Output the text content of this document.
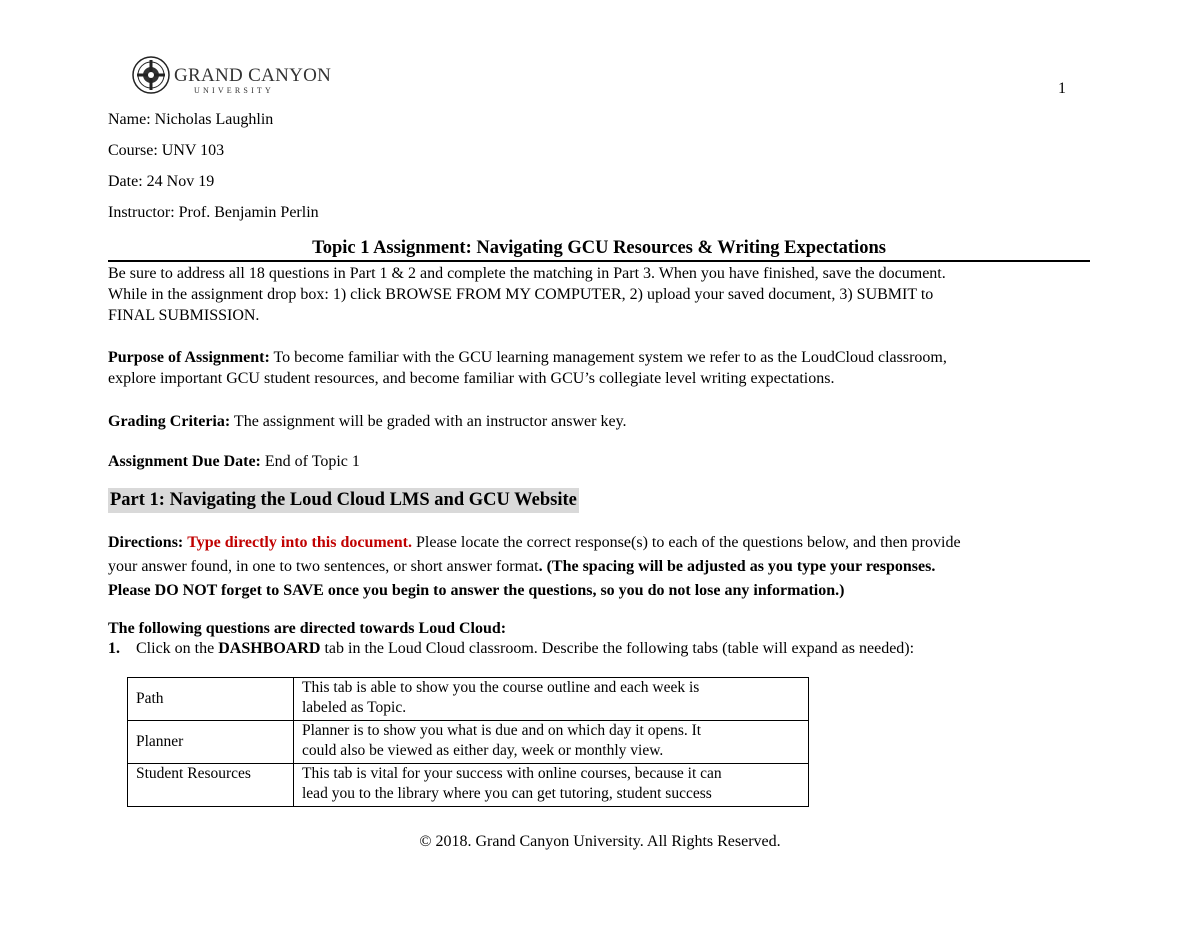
GRAND CANYON
UNIVERSITY	1
Name: Nicholas Laughlin
Course: UNV 103
Date: 24 Nov 19
Instructor: Prof. Benjamin Perlin
Topic 1 Assignment: Navigating GCU Resources & Writing Expectations
Be sure to address all 18 questions in Part 1 & 2 and complete the matching in Part 3. When you have finished, save the document.
While in the assignment drop box: 1) click BROWSE FROM MY COMPUTER, 2) upload your saved document, 3) SUBMIT to
FINAL SUBMISSION.
Purpose of Assignment: To become familiar with the GCU learning management system we refer to as the LoudCloud classroom,
explore important GCU student resources, and become familiar with GCU’s collegiate level writing expectations.
Grading Criteria: The assignment will be graded with an instructor answer key.
Assignment Due Date: End of Topic 1
Part 1: Navigating the Loud Cloud LMS and GCU Website
Directions: Type directly into this document. Please locate the correct response(s) to each of the questions below, and then provide
your answer found, in one to two sentences, or short answer format. (The spacing will be adjusted as you type your responses.
Please DO NOT forget to SAVE once you begin to answer the questions, so you do not lose any information.)
The following questions are directed towards Loud Cloud:
1. Click on the DASHBOARD tab in the Loud Cloud classroom. Describe the following tabs (table will expand as needed):
Path	This tab is able to show you the course outline and each week is
labeled as Topic.

Planner	Planner is to show you what is due and on which day it opens. It
could also be viewed as either day, week or monthly view.

Student Resources	This tab is vital for your success with online courses, because it can
lead you to the library where you can get tutoring, student success
© 2018. Grand Canyon University. All Rights Reserved.
